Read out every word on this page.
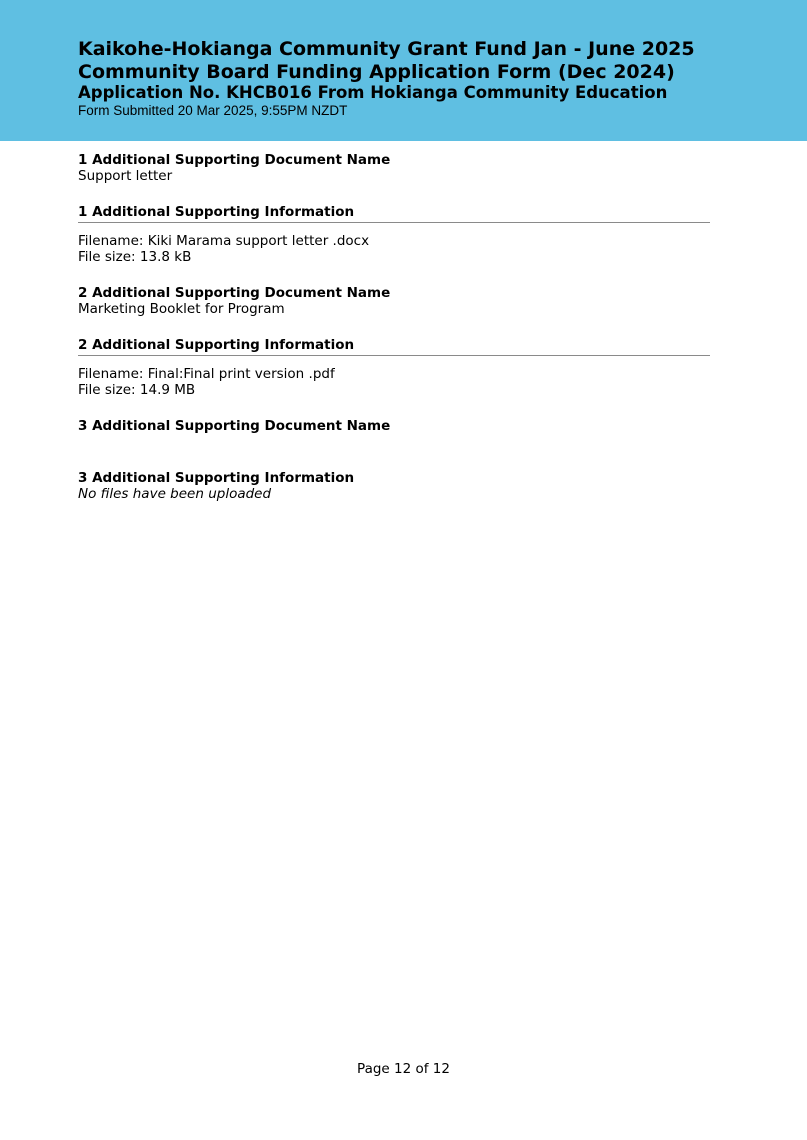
Kaikohe-Hokianga Community Grant Fund Jan - June 2025
Community Board Funding Application Form (Dec 2024)
Application No. KHCB016 From Hokianga Community Education
Form Submitted 20 Mar 2025, 9:55PM NZDT

1 Additional Supporting Document Name

Support letter

1 Additional Supporting Information

Filename: Kiki Marama support letter .docx

File size: 13.8 kB

2 Additional Supporting Document Name

Marketing Booklet for Program

2 Additional Supporting Information

Filename: Final:Final print version .pdf

File size: 14.9 MB

3 Additional Supporting Document Name

3 Additional Supporting Information

No files have been uploaded

Page 12 of 12
